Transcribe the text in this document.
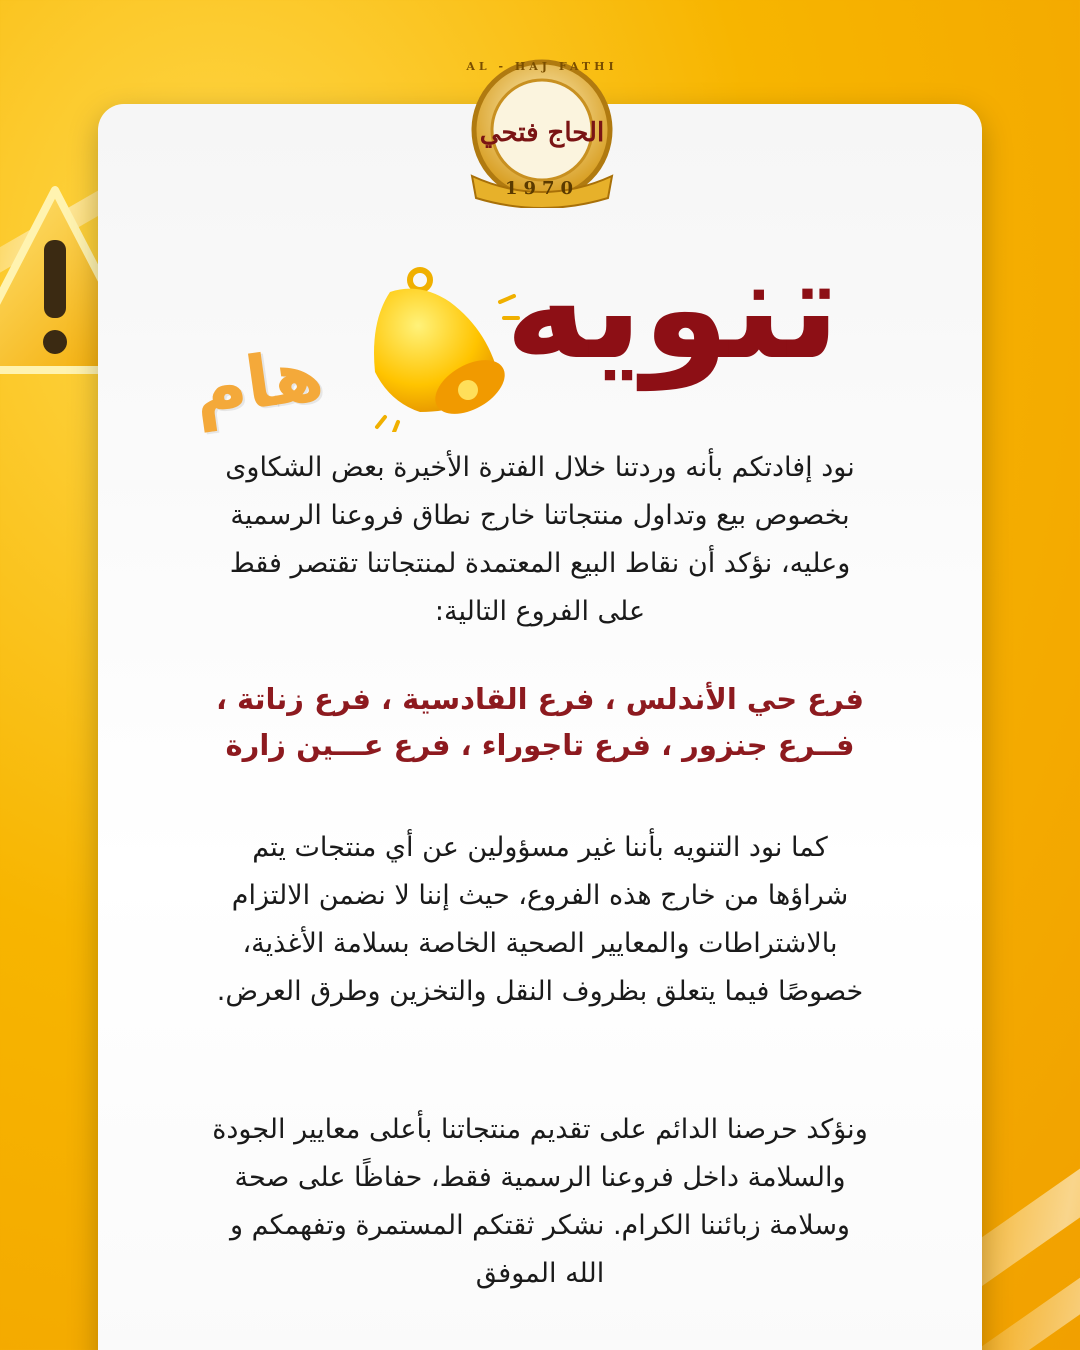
AL - HAJ FATHI
الحاج فتحي
1970
تنويه
هام
نود إفادتكم بأنه وردتنا خلال الفترة الأخيرة بعض الشكاوى بخصوص بيع وتداول منتجاتنا خارج نطاق فروعنا الرسمية وعليه، نؤكد أن نقاط البيع المعتمدة لمنتجاتنا تقتصر فقط على الفروع التالية:
فرع حي الأندلس ، فرع القادسية ، فرع زناتة ، فــرع جنزور ، فرع تاجوراء ، فرع عـــين زارة
كما نود التنويه بأننا غير مسؤولين عن أي منتجات يتم شراؤها من خارج هذه الفروع، حيث إننا لا نضمن الالتزام بالاشتراطات والمعايير الصحية الخاصة بسلامة الأغذية، خصوصًا فيما يتعلق بظروف النقل والتخزين وطرق العرض.
ونؤكد حرصنا الدائم على تقديم منتجاتنا بأعلى معايير الجودة والسلامة داخل فروعنا الرسمية فقط، حفاظًا على صحة وسلامة زبائننا الكرام. نشكر ثقتكم المستمرة وتفهمكم و الله الموفق
